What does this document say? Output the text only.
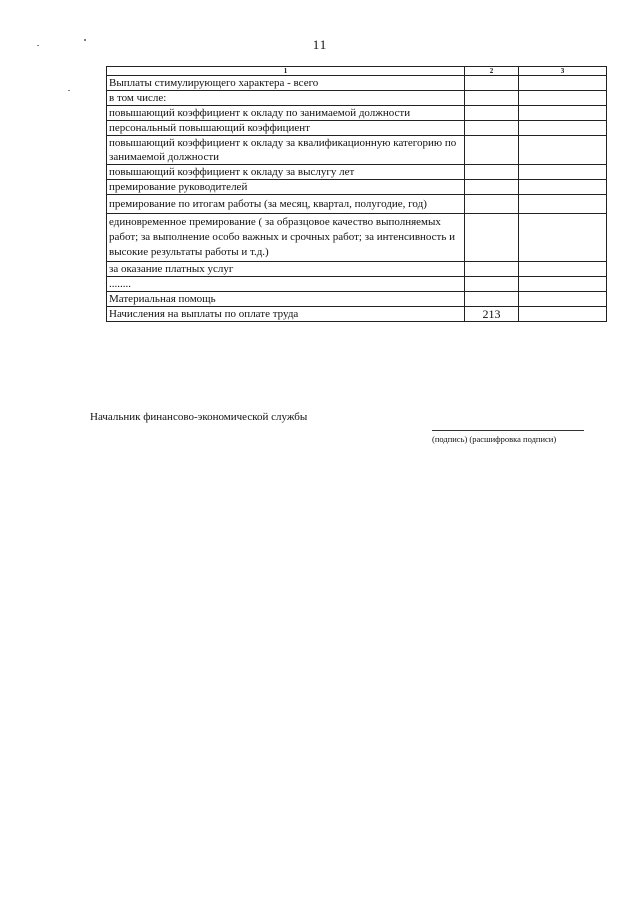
11
1	2	3
Выплаты стимулирующего характера - всего		
в том числе:		
повышающий коэффициент к окладу по занимаемой должности		
персональный повышающий коэффициент		
повышающий коэффициент к окладу за квалификационную категорию по занимаемой должности		
повышающий коэффициент к окладу за выслугу лет		
премирование руководителей		
премирование по итогам работы (за месяц, квартал, полугодие, год)		
единовременное премирование ( за образцовое качество выполняемых работ; за выполнение особо важных и срочных работ; за интенсивность и высокие результаты работы и т.д.)		
за оказание платных услуг		
........		
Материальная помощь		
Начисления на выплаты по оплате труда	213	
Начальник финансово-экономической службы
(подпись) (расшифровка подписи)
